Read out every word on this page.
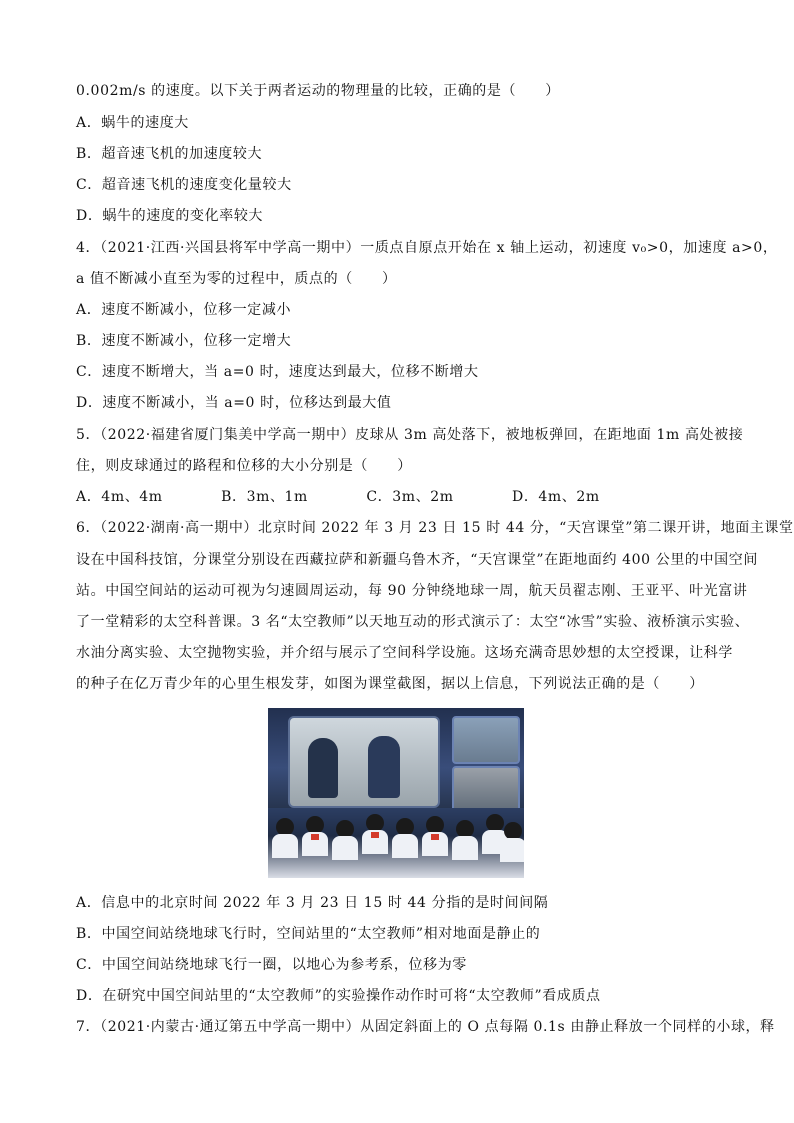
0.002m/s 的速度。以下关于两者运动的物理量的比较，正确的是（　　）
A．蜗牛的速度大
B．超音速飞机的加速度较大
C．超音速飞机的速度变化量较大
D．蜗牛的速度的变化率较大
4．（2021·江西·兴国县将军中学高一期中）一质点自原点开始在 x 轴上运动，初速度 v₀>0，加速度 a>0，
a 值不断减小直至为零的过程中，质点的（　　）
A．速度不断减小，位移一定减小
B．速度不断减小，位移一定增大
C．速度不断增大，当 a=0 时，速度达到最大，位移不断增大
D．速度不断减小，当 a=0 时，位移达到最大值
5．（2022·福建省厦门集美中学高一期中）皮球从 3m 高处落下，被地板弹回，在距地面 1m 高处被接
住，则皮球通过的路程和位移的大小分别是（　　）
A．4m、4m　　　　B．3m、1m　　　　C．3m、2m　　　　D．4m、2m
6．（2022·湖南·高一期中）北京时间 2022 年 3 月 23 日 15 时 44 分，“天宫课堂”第二课开讲，地面主课堂
设在中国科技馆，分课堂分别设在西藏拉萨和新疆乌鲁木齐，“天宫课堂”在距地面约 400 公里的中国空间
站。中国空间站的运动可视为匀速圆周运动，每 90 分钟绕地球一周，航天员翟志刚、王亚平、叶光富讲
了一堂精彩的太空科普课。3 名“太空教师”以天地互动的形式演示了：太空“冰雪”实验、液桥演示实验、
水油分离实验、太空抛物实验，并介绍与展示了空间科学设施。这场充满奇思妙想的太空授课，让科学
的种子在亿万青少年的心里生根发芽，如图为课堂截图，据以上信息，下列说法正确的是（　　）
A．信息中的北京时间 2022 年 3 月 23 日 15 时 44 分指的是时间间隔
B．中国空间站绕地球飞行时，空间站里的“太空教师”相对地面是静止的
C．中国空间站绕地球飞行一圈，以地心为参考系，位移为零
D．在研究中国空间站里的“太空教师”的实验操作动作时可将“太空教师”看成质点
7．（2021·内蒙古·通辽第五中学高一期中）从固定斜面上的 O 点每隔 0.1s 由静止释放一个同样的小球，释
